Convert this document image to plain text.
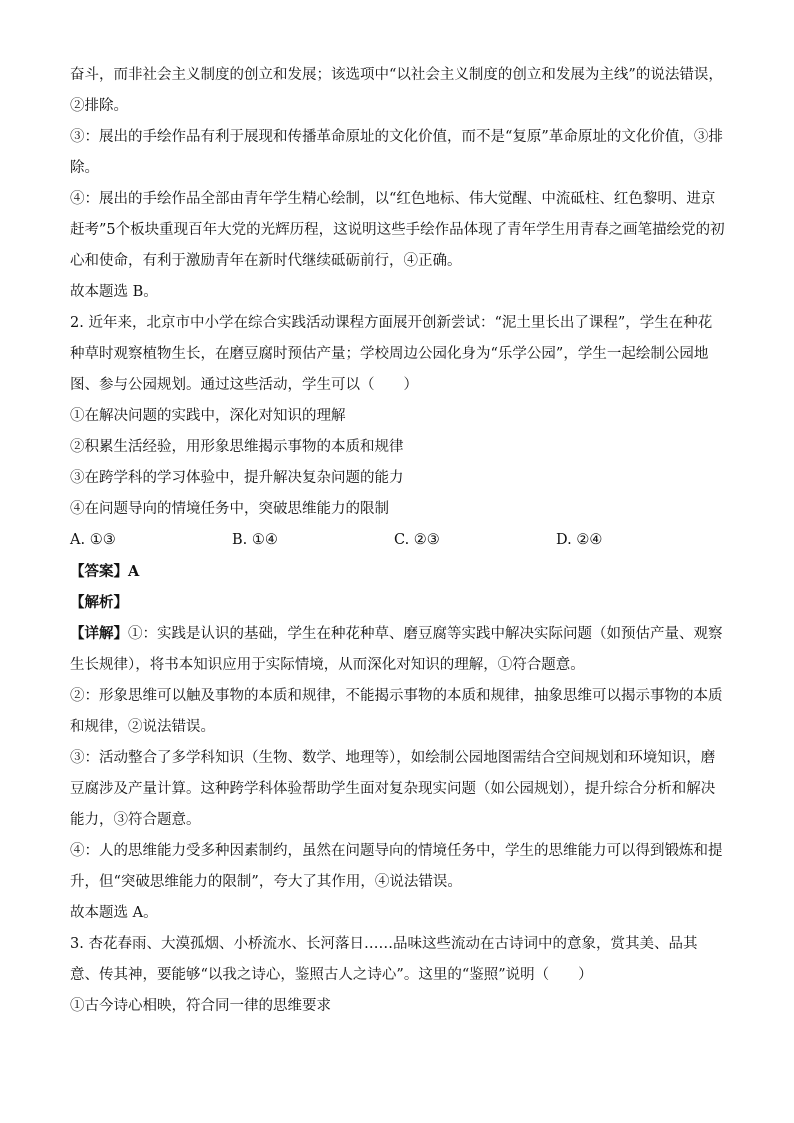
奋斗，而非社会主义制度的创立和发展；该选项中“以社会主义制度的创立和发展为主线”的说法错误，②排除。

③：展出的手绘作品有利于展现和传播革命原址的文化价值，而不是“复原”革命原址的文化价值，③排除。

④：展出的手绘作品全部由青年学生精心绘制，以“红色地标、伟大觉醒、中流砥柱、红色黎明、进京赶考”5个板块重现百年大党的光辉历程，这说明这些手绘作品体现了青年学生用青春之画笔描绘党的初心和使命，有利于激励青年在新时代继续砥砺前行，④正确。

故本题选 B。

2. 近年来，北京市中小学在综合实践活动课程方面展开创新尝试：“泥土里长出了课程”，学生在种花种草时观察植物生长，在磨豆腐时预估产量；学校周边公园化身为“乐学公园”，学生一起绘制公园地图、参与公园规划。通过这些活动，学生可以（　　）

①在解决问题的实践中，深化对知识的理解

②积累生活经验，用形象思维揭示事物的本质和规律

③在跨学科的学习体验中，提升解决复杂问题的能力

④在问题导向的情境任务中，突破思维能力的限制

A. ①③	B. ①④	C. ②③	D. ②④

【答案】A

【解析】

【详解】①：实践是认识的基础，学生在种花种草、磨豆腐等实践中解决实际问题（如预估产量、观察生长规律），将书本知识应用于实际情境，从而深化对知识的理解，①符合题意。

②：形象思维可以触及事物的本质和规律，不能揭示事物的本质和规律，抽象思维可以揭示事物的本质和规律，②说法错误。

③：活动整合了多学科知识（生物、数学、地理等），如绘制公园地图需结合空间规划和环境知识，磨豆腐涉及产量计算。这种跨学科体验帮助学生面对复杂现实问题（如公园规划），提升综合分析和解决能力，③符合题意。

④：人的思维能力受多种因素制约，虽然在问题导向的情境任务中，学生的思维能力可以得到锻炼和提升，但“突破思维能力的限制”，夸大了其作用，④说法错误。

故本题选 A。

3. 杏花春雨、大漠孤烟、小桥流水、长河落日……品味这些流动在古诗词中的意象，赏其美、品其意、传其神，要能够“以我之诗心，鉴照古人之诗心”。这里的“鉴照”说明（　　）

①古今诗心相映，符合同一律的思维要求
